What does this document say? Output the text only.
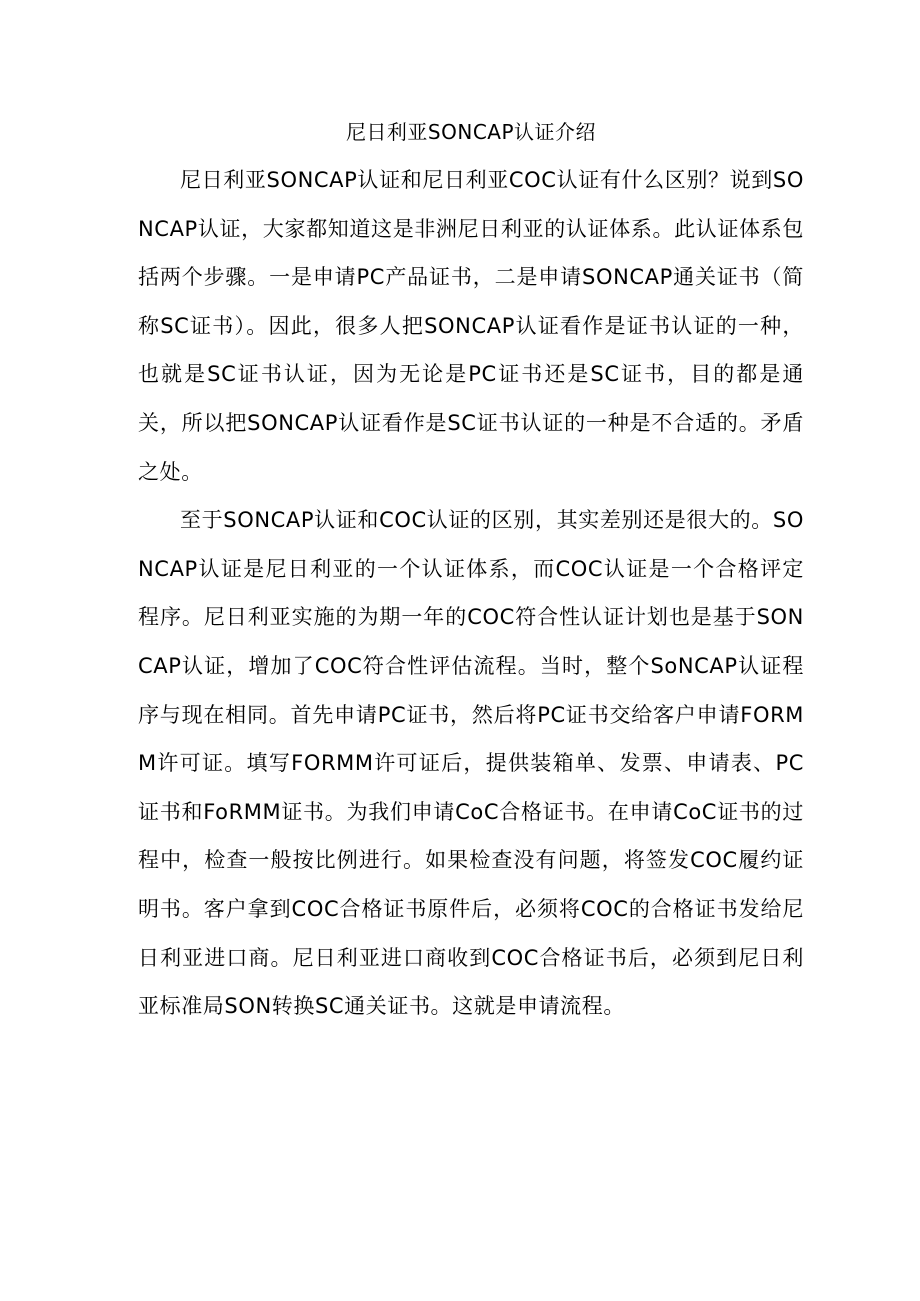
尼日利亚SONCAP认证介绍

尼日利亚SONCAP认证和尼日利亚COC认证有什么区别？说到SONCAP认证，大家都知道这是非洲尼日利亚的认证体系。此认证体系包括两个步骤。一是申请PC产品证书，二是申请SONCAP通关证书（简称SC证书）。因此，很多人把SONCAP认证看作是证书认证的一种，也就是SC证书认证，因为无论是PC证书还是SC证书，目的都是通关，所以把SONCAP认证看作是SC证书认证的一种是不合适的。矛盾之处。

至于SONCAP认证和COC认证的区别，其实差别还是很大的。SONCAP认证是尼日利亚的一个认证体系，而COC认证是一个合格评定程序。尼日利亚实施的为期一年的COC符合性认证计划也是基于SONCAP认证，增加了COC符合性评估流程。当时，整个SoNCAP认证程序与现在相同。首先申请PC证书，然后将PC证书交给客户申请FORMM许可证。填写FORMM许可证后，提供装箱单、发票、申请表、PC证书和FoRMM证书。为我们申请CoC合格证书。在申请CoC证书的过程中，检查一般按比例进行。如果检查没有问题，将签发COC履约证明书。客户拿到COC合格证书原件后，必须将COC的合格证书发给尼日利亚进口商。尼日利亚进口商收到COC合格证书后，必须到尼日利亚标准局SON转换SC通关证书。这就是申请流程。
